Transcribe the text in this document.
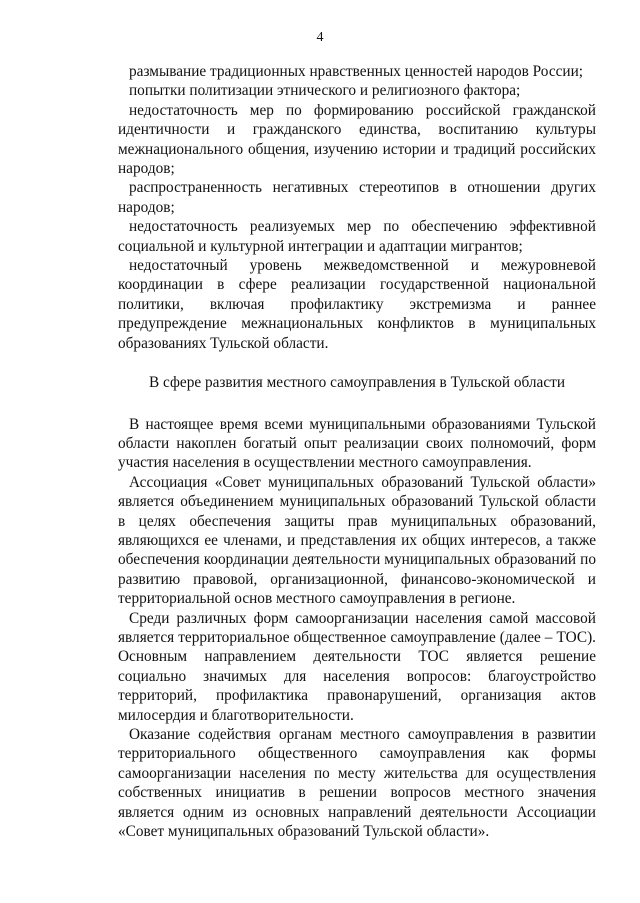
4

размывание традиционных нравственных ценностей народов России;

попытки политизации этнического и религиозного фактора;

недостаточность мер по формированию российской гражданской идентичности и гражданского единства, воспитанию культуры межнационального общения, изучению истории и традиций российских народов;

распространенность негативных стереотипов в отношении других народов;

недостаточность реализуемых мер по обеспечению эффективной социальной и культурной интеграции и адаптации мигрантов;

недостаточный уровень межведомственной и межуровневой координации в сфере реализации государственной национальной политики, включая профилактику экстремизма и раннее предупреждение межнациональных конфликтов в муниципальных образованиях Тульской области.

В сфере развития местного самоуправления в Тульской области

В настоящее время всеми муниципальными образованиями Тульской области накоплен богатый опыт реализации своих полномочий, форм участия населения в осуществлении местного самоуправления.

Ассоциация «Совет муниципальных образований Тульской области» является объединением муниципальных образований Тульской области в целях обеспечения защиты прав муниципальных образований, являющихся ее членами, и представления их общих интересов, а также обеспечения координации деятельности муниципальных образований по развитию правовой, организационной, финансово-экономической и территориальной основ местного самоуправления в регионе.

Среди различных форм самоорганизации населения самой массовой является территориальное общественное самоуправление (далее – ТОС). Основным направлением деятельности ТОС является решение социально значимых для населения вопросов: благоустройство территорий, профилактика правонарушений, организация актов милосердия и благотворительности.

Оказание содействия органам местного самоуправления в развитии территориального общественного самоуправления как формы самоорганизации населения по месту жительства для осуществления собственных инициатив в решении вопросов местного значения является одним из основных направлений деятельности Ассоциации «Совет муниципальных образований Тульской области».
